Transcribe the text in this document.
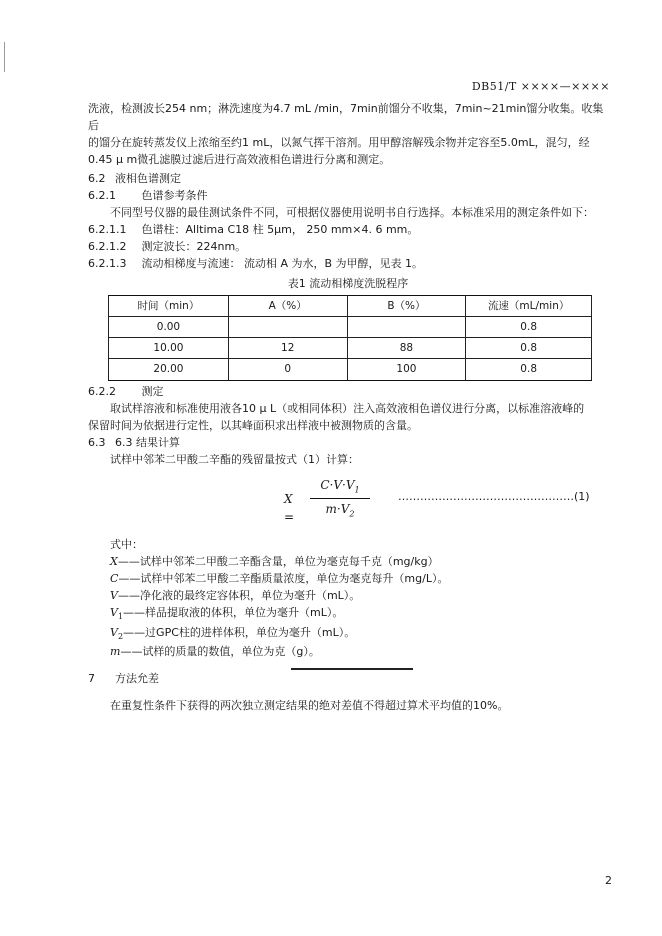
DB51/T ××××—××××

洗液，检测波长254 nm；淋洗速度为4.7 mL /min，7min前馏分不收集，7min~21min馏分收集。收集后

的馏分在旋转蒸发仪上浓缩至约1 mL，以氮气挥干溶剂。用甲醇溶解残余物并定容至5.0mL，混匀，经

0.45 μ m微孔滤膜过滤后进行高效液相色谱进行分离和测定。

6.2 液相色谱测定

6.2.1 色谱参考条件

不同型号仪器的最佳测试条件不同，可根据仪器使用说明书自行选择。本标准采用的测定条件如下：

6.2.1.1 色谱柱：Alltima C18 柱 5μm， 250 mm×4. 6 mm。

6.2.1.2 测定波长：224nm。

6.2.1.3 流动相梯度与流速： 流动相 A 为水，B 为甲醇，见表 1。

表1 流动相梯度洗脱程序

时间（min）	A（%）	B（%）	流速（mL/min）
0.00			0.8
10.00	12	88	0.8
20.00	0	100	0.8

6.2.2 测定

取试样溶液和标准使用液各10 μ L（或相同体积）注入高效液相色谱仪进行分离，以标准溶液峰的

保留时间为依据进行定性，以其峰面积求出样液中被测物质的含量。

6.3 6.3 结果计算

试样中邻苯二甲酸二辛酯的残留量按式（1）计算：

$X = \frac{C\cdot V\cdot V_1}{m\cdot V_2}$	…………………………………………(1)

式中：

X——试样中邻苯二甲酸二辛酯含量，单位为毫克每千克（mg/kg）

C——试样中邻苯二甲酸二辛酯质量浓度，单位为毫克每升（mg/L）。

V——净化液的最终定容体积，单位为毫升（mL）。

$V_1——$样品提取液的体积，单位为毫升（mL）。

$V_2——$过GPC柱的进样体积，单位为毫升（mL）。

m——试样的质量的数值，单位为克（g）。

7 方法允差

在重复性条件下获得的两次独立测定结果的绝对差值不得超过算术平均值的10%。

2
